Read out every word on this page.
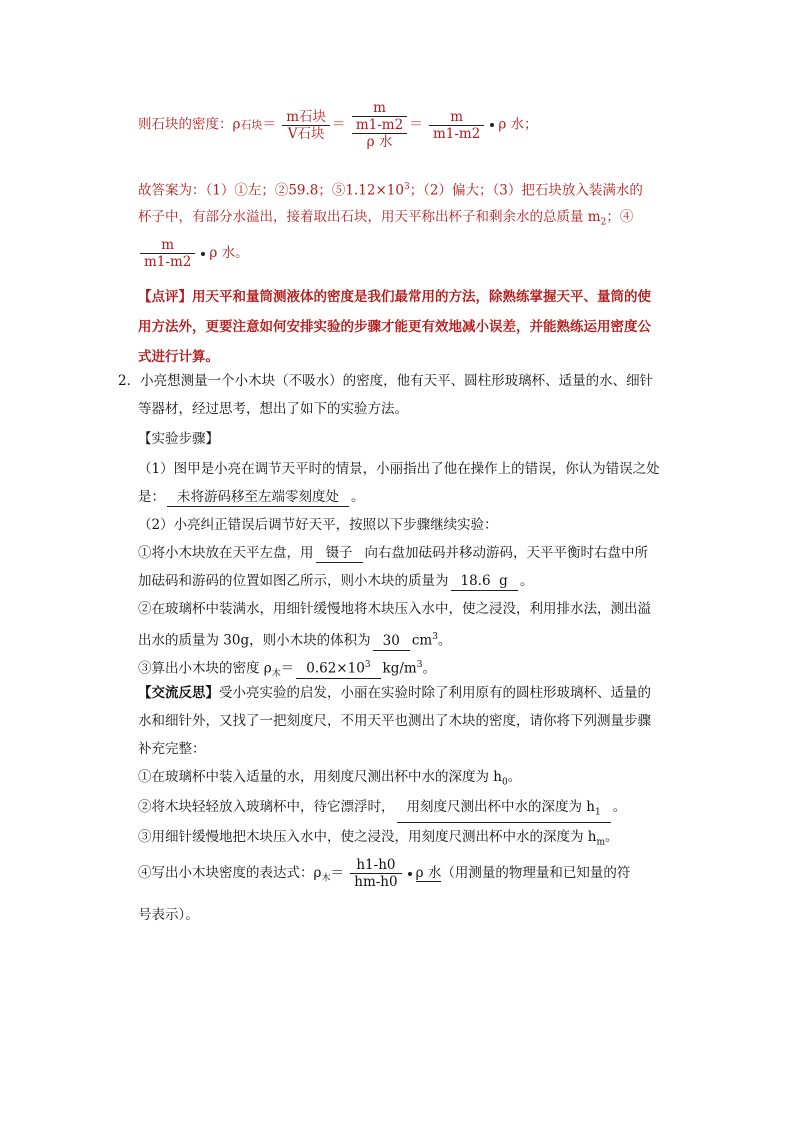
则石块的密度：ρ石块＝ $\frac{\text{m石块}}{\text{V石块}}$ ＝
m
m1-m2
ρ 水
＝ $\frac{m}{m1-m2}$ ρ 水；
故答案为：（1）①左；②59.8；$⑤1.12\times 10^3$；（2）偏大；（3）把石块放入装满水的
杯子中，有部分水溢出，接着取出石块，用天平称出杯子和剩余水的总质量 $m_2$；④
$\frac{m}{m1-m2}$ ρ 水。
【点评】用天平和量筒测液体的密度是我们最常用的方法，除熟练掌握天平、量筒的使
用方法外，更要注意如何安排实验的步骤才能更有效地减小误差，并能熟练运用密度公
式进行计算。
2．小亮想测量一个小木块（不吸水）的密度，他有天平、圆柱形玻璃杯、适量的水、细针
等器材，经过思考，想出了如下的实验方法。
【实验步骤】
（1）图甲是小亮在调节天平时的情景，小丽指出了他在操作上的错误，你认为错误之处
是： 未将游码移至左端零刻度处 。
（2）小亮纠正错误后调节好天平，按照以下步骤继续实验：
①将小木块放在天平左盘，用 镊子 向右盘加砝码并移动游码，天平平衡时右盘中所
加砝码和游码的位置如图乙所示，则小木块的质量为 18.6 g 。
②在玻璃杯中装满水，用细针缓慢地将木块压入水中，使之浸没，利用排水法，测出溢
出水的质量为 30g，则小木块的体积为 30 $cm^3$。
③算出小木块的密度 $\rho_木= 0.62\times 10^3$ $kg/m^3$。
【交流反思】受小亮实验的启发，小丽在实验时除了利用原有的圆柱形玻璃杯、适量的
水和细针外，又找了一把刻度尺，不用天平也测出了木块的密度，请你将下列测量步骤
补充完整：
①在玻璃杯中装入适量的水，用刻度尺测出杯中水的深度为 $h_0$。
②将木块轻轻放入玻璃杯中，待它漂浮时， 用刻度尺测出杯中水的深度为 $h_1$ 。
③用细针缓慢地把木块压入水中，使之浸没，用刻度尺测出杯中水的深度为 $h_m$。
④写出小木块密度的表达式：$\rho_木= \frac{h1-h0}{hm-h0}$ ρ 水（用测量的物理量和已知量的符
号表示）。
